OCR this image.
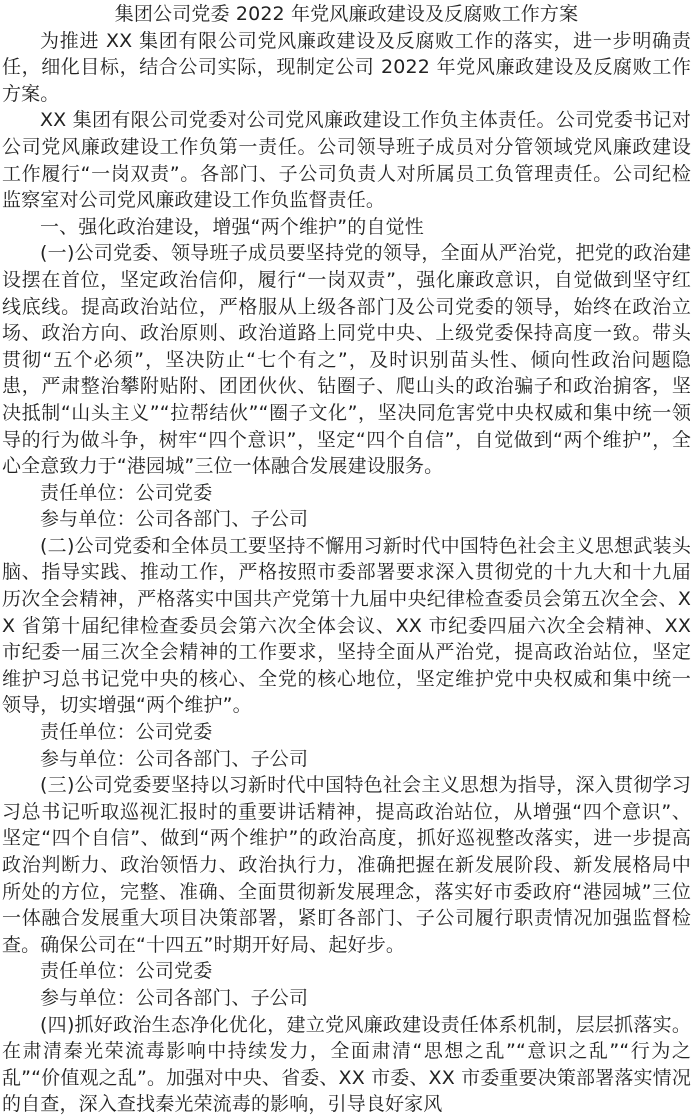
集团公司党委 2022 年党风廉政建设及反腐败工作方案

为推进 XX 集团有限公司党风廉政建设及反腐败工作的落实，进一步明确责任，细化目标，结合公司实际，现制定公司 2022 年党风廉政建设及反腐败工作方案。

XX 集团有限公司党委对公司党风廉政建设工作负主体责任。公司党委书记对公司党风廉政建设工作负第一责任。公司领导班子成员对分管领域党风廉政建设工作履行“一岗双责”。各部门、子公司负责人对所属员工负管理责任。公司纪检监察室对公司党风廉政建设工作负监督责任。

一、强化政治建设，增强“两个维护”的自觉性

(一)公司党委、领导班子成员要坚持党的领导，全面从严治党，把党的政治建设摆在首位，坚定政治信仰，履行“一岗双责”，强化廉政意识，自觉做到坚守红线底线。提高政治站位，严格服从上级各部门及公司党委的领导，始终在政治立场、政治方向、政治原则、政治道路上同党中央、上级党委保持高度一致。带头贯彻“五个必须”，坚决防止“七个有之”，及时识别苗头性、倾向性政治问题隐患，严肃整治攀附贴附、团团伙伙、钻圈子、爬山头的政治骗子和政治掮客，坚决抵制“山头主义”“拉帮结伙”“圈子文化”，坚决同危害党中央权威和集中统一领导的行为做斗争，树牢“四个意识”，坚定“四个自信”，自觉做到“两个维护”，全心全意致力于“港园城”三位一体融合发展建设服务。

责任单位：公司党委

参与单位：公司各部门、子公司

(二)公司党委和全体员工要坚持不懈用习新时代中国特色社会主义思想武装头脑、指导实践、推动工作，严格按照市委部署要求深入贯彻党的十九大和十九届历次全会精神，严格落实中国共产党第十九届中央纪律检查委员会第五次全会、XX 省第十届纪律检查委员会第六次全体会议、XX 市纪委四届六次全会精神、XX 市纪委一届三次全会精神的工作要求，坚持全面从严治党，提高政治站位，坚定维护习总书记党中央的核心、全党的核心地位，坚定维护党中央权威和集中统一领导，切实增强“两个维护”。

责任单位：公司党委

参与单位：公司各部门、子公司

(三)公司党委要坚持以习新时代中国特色社会主义思想为指导，深入贯彻学习习总书记听取巡视汇报时的重要讲话精神，提高政治站位，从增强“四个意识”、坚定“四个自信”、做到“两个维护”的政治高度，抓好巡视整改落实，进一步提高政治判断力、政治领悟力、政治执行力，准确把握在新发展阶段、新发展格局中所处的方位，完整、准确、全面贯彻新发展理念，落实好市委政府“港园城”三位一体融合发展重大项目决策部署，紧盯各部门、子公司履行职责情况加强监督检查。确保公司在“十四五”时期开好局、起好步。

责任单位：公司党委

参与单位：公司各部门、子公司

(四)抓好政治生态净化优化，建立党风廉政建设责任体系机制，层层抓落实。在肃清秦光荣流毒影响中持续发力，全面肃清“思想之乱”“意识之乱”“行为之乱”“价值观之乱”。加强对中央、省委、XX 市委、XX 市委重要决策部署落实情况的自查，深入查找秦光荣流毒的影响，引导良好家风
